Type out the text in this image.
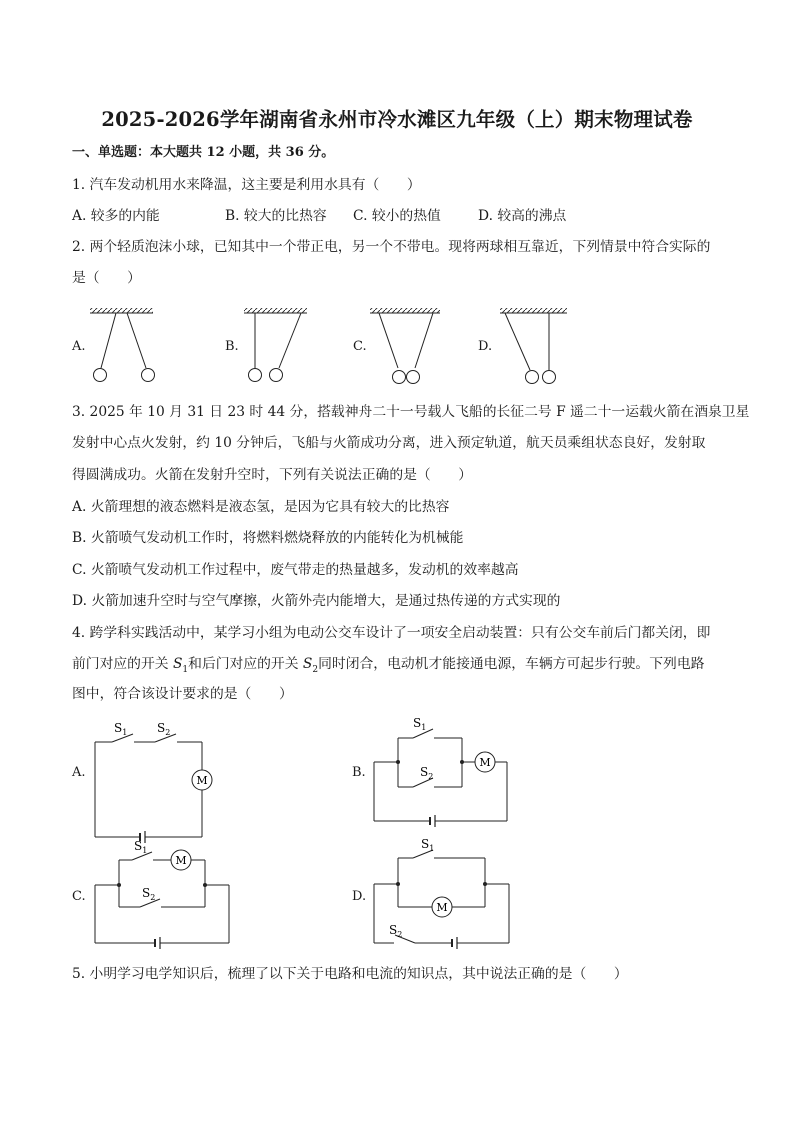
2025-2026学年湖南省永州市冷水滩区九年级（上）期末物理试卷
一、单选题：本大题共 12 小题，共 36 分。
1. 汽车发动机用水来降温，这主要是利用水具有（　　）
A. 较多的内能	B. 较大的比热容 C. 较小的热值	D. 较高的沸点
2. 两个轻质泡沫小球，已知其中一个带正电，另一个不带电。现将两球相互靠近，下列情景中符合实际的
是（　　）
A.	B.	C.	D.
3. 2025 年 10 月 31 日 23 时 44 分，搭载神舟二十一号载人飞船的长征二号 F 遥二十一运载火箭在酒泉卫星
发射中心点火发射，约 10 分钟后，飞船与火箭成功分离，进入预定轨道，航天员乘组状态良好，发射取
得圆满成功。火箭在发射升空时，下列有关说法正确的是（　　）
A. 火箭理想的液态燃料是液态氢，是因为它具有较大的比热容
B. 火箭喷气发动机工作时，将燃料燃烧释放的内能转化为机械能
C. 火箭喷气发动机工作过程中，废气带走的热量越多，发动机的效率越高
D. 火箭加速升空时与空气摩擦，火箭外壳内能增大，是通过热传递的方式实现的
4. 跨学科实践活动中，某学习小组为电动公交车设计了一项安全启动装置：只有公交车前后门都关闭，即
前门对应的开关 $S_1$和后门对应的开关 $S_2$同时闭合，电动机才能接通电源，车辆方可起步行驶。下列电路
图中，符合该设计要求的是（　　）
A.	B.
C.	D.
$S_1$ $S_2$
M
$S_1$
$S_2$
M
$S_1$
$S_2$
M
$S_1$
$S_2$
M
5. 小明学习电学知识后，梳理了以下关于电路和电流的知识点，其中说法正确的是（　　）
